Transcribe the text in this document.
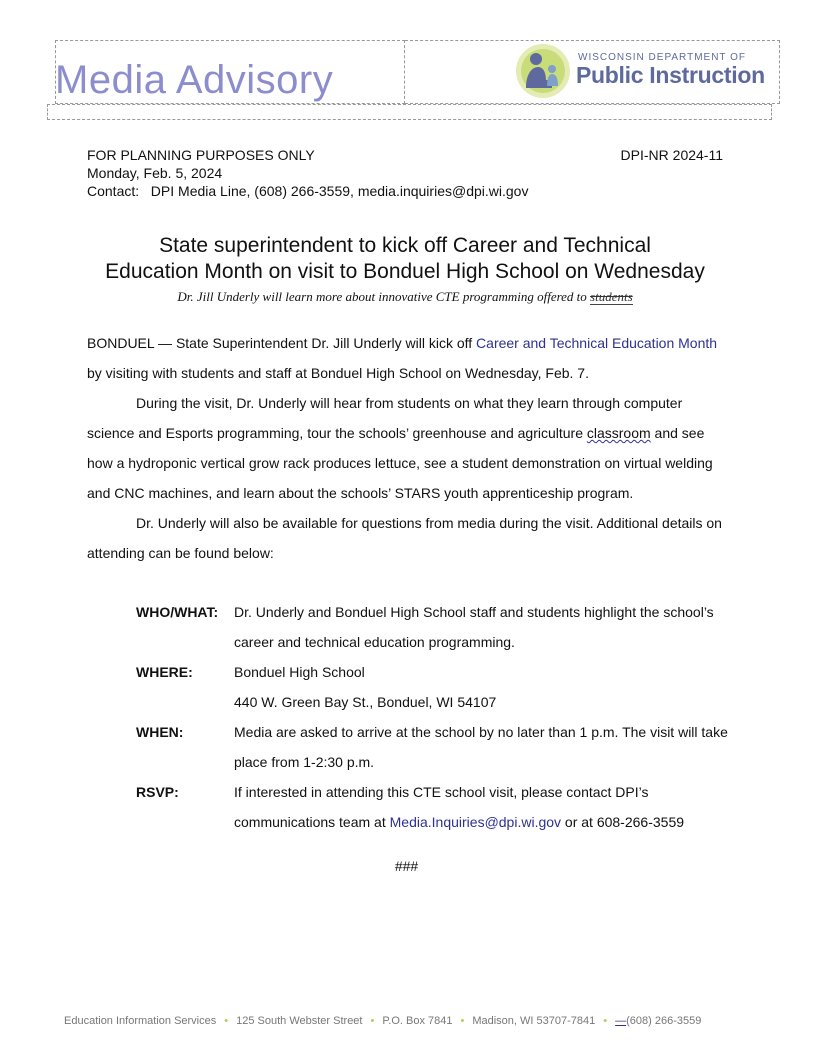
Media Advisory
WISCONSIN DEPARTMENT OF
Public Instruction
FOR PLANNING PURPOSES ONLY	DPI-NR 2024-11
Monday, Feb. 5, 2024
Contact:   DPI Media Line, (608) 266-3559, media.inquiries@dpi.wi.gov
State superintendent to kick off Career and Technical
Education Month on visit to Bonduel High School on Wednesday
Dr. Jill Underly will learn more about innovative CTE programming offered to students

BONDUEL — State Superintendent Dr. Jill Underly will kick off Career and Technical Education Month by visiting with students and staff at Bonduel High School on Wednesday, Feb. 7.

During the visit, Dr. Underly will hear from students on what they learn through computer science and Esports programming, tour the schools’ greenhouse and agriculture classroom and see how a hydroponic vertical grow rack produces lettuce, see a student demonstration on virtual welding and CNC machines, and learn about the schools’ STARS youth apprenticeship program.

Dr. Underly will also be available for questions from media during the visit. Additional details on attending can be found below:

WHO/WHAT:	Dr. Underly and Bonduel High School staff and students highlight the school’s career and technical education programming.
WHERE:	Bonduel High School
440 W. Green Bay St., Bonduel, WI 54107
WHEN:	Media are asked to arrive at the school by no later than 1 p.m. The visit will take place from 1-2:30 p.m.
RSVP:	If interested in attending this CTE school visit, please contact DPI’s communications team at Media.Inquiries@dpi.wi.gov or at 608-266-3559
###
Education Information Services • 125 South Webster Street • P.O. Box 7841 • Madison, WI 53707-7841 • —(608) 266-3559
